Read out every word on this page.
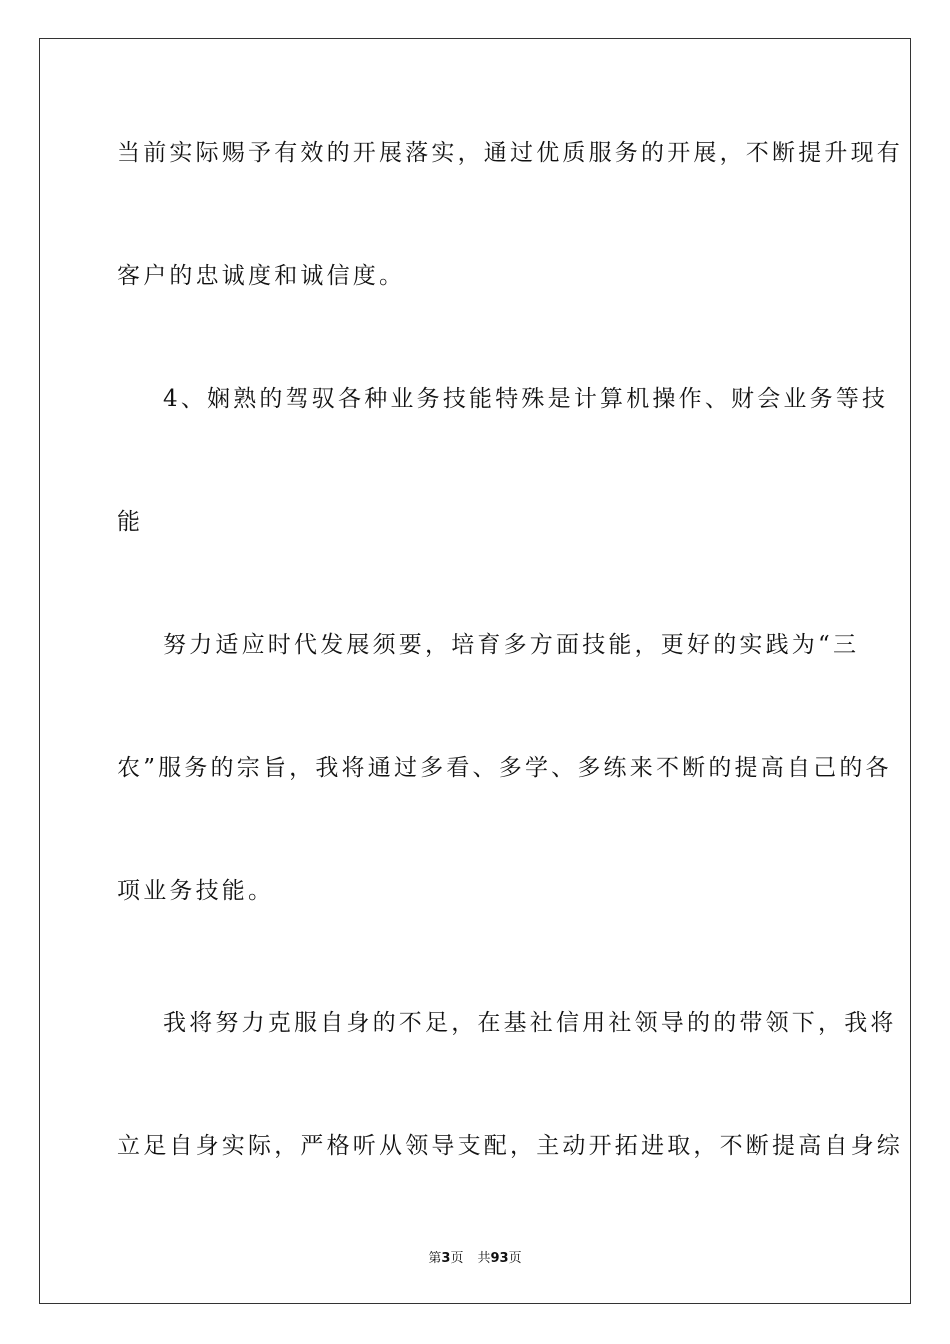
当前实际赐予有效的开展落实，通过优质服务的开展，不断提升现有
客户的忠诚度和诚信度。
4、娴熟的驾驭各种业务技能特殊是计算机操作、财会业务等技
能
努力适应时代发展须要，培育多方面技能，更好的实践为“三
农”服务的宗旨，我将通过多看、多学、多练来不断的提高自己的各
项业务技能。
我将努力克服自身的不足，在基社信用社领导的的带领下，我将
立足自身实际，严格听从领导支配，主动开拓进取，不断提高自身综
第3页 共93页
